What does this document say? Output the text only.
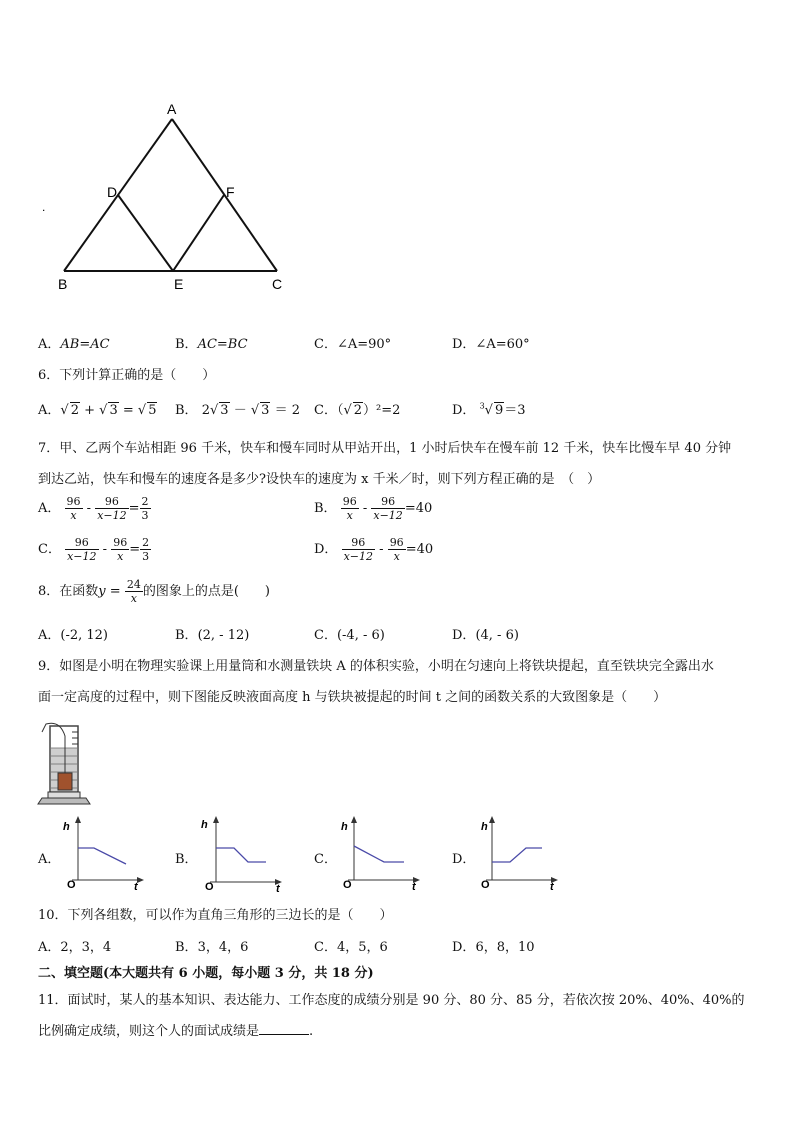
A
B	C
D	F
E
.
A．AB=AC	B．AC=BC	C．∠A=90°	D．∠A=60°
6．下列计算正确的是（　　）
A．√ 2 + √ 3 = √ 5 B． 2√ 3 － √ 3 ＝ 2 C．（√ 2）²=2	D． $^3$√ 9＝3
7．甲、乙两个车站相距 96 千米，快车和慢车同时从甲站开出，1 小时后快车在慢车前 12 千米，快车比慢车早 40 分钟
到达乙站，快车和慢车的速度各是多少?设快车的速度为 x 千米／时，则下列方程正确的是　（　）
A． $\frac{96}{x} - \frac{96}{x-12} = \frac{2}{3}$	B． $\frac{96}{x} - \frac{96}{x-12} =40$
C． $\frac{96}{x-12} - \frac{96}{x} = \frac{2}{3}$	D． $\frac{96}{x-12} - \frac{96}{x} =40$
8．在函数$y = \frac{24}{x}$ 的图象上的点是(　　)
A．(-2, 12)	B．(2, - 12)	C．(-4, - 6)	D．(4, - 6)
9．如图是小明在物理实验课上用量筒和水测量铁块 A 的体积实验，小明在匀速向上将铁块提起，直至铁块完全露出水
面一定高度的过程中，则下图能反映液面高度 h 与铁块被提起的时间 t 之间的函数关系的大致图象是（　　）
A．
h
O	t
B．
h
O	t
C．
h
O	t
D．
h
O	t
10．下列各组数，可以作为直角三角形的三边长的是（　　）
A．2，3，4	B．3，4，6	C．4，5，6	D．6，8，10
二、填空题(本大题共有 6 小题，每小题 3 分，共 18 分)
11．面试时，某人的基本知识、表达能力、工作态度的成绩分别是 90 分、80 分、85 分，若依次按 20%、40%、40%的
比例确定成绩，则这个人的面试成绩是	.
